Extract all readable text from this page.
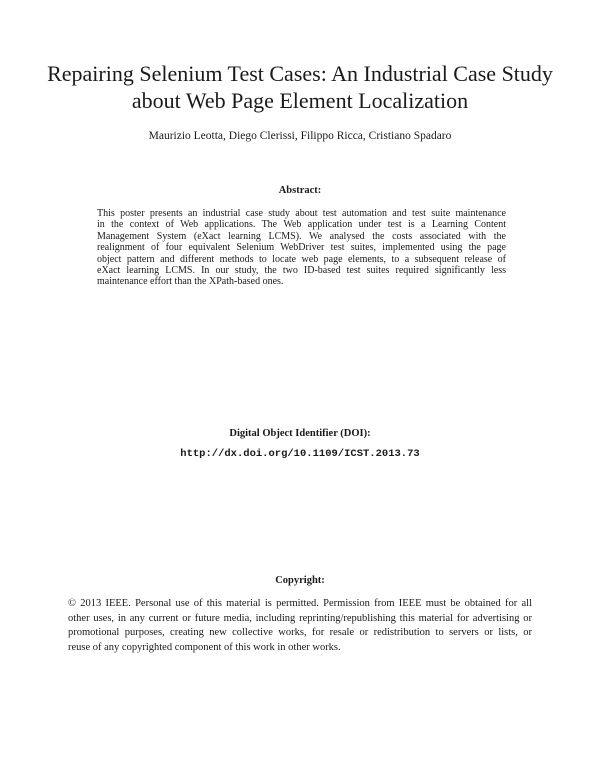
Repairing Selenium Test Cases: An Industrial Case Study
about Web Page Element Localization
Maurizio Leotta, Diego Clerissi, Filippo Ricca, Cristiano Spadaro
Abstract:
This poster presents an industrial case study about test automation and test suite maintenance
in the context of Web applications. The Web application under test is a Learning Content
Management System (eXact learning LCMS). We analysed the costs associated with the
realignment of four equivalent Selenium WebDriver test suites, implemented using the page
object pattern and different methods to locate web page elements, to a subsequent release of
eXact learning LCMS. In our study, the two ID-based test suites required significantly less
maintenance effort than the XPath-based ones.
Digital Object Identifier (DOI):
http://dx.doi.org/10.1109/ICST.2013.73
Copyright:
© 2013 IEEE. Personal use of this material is permitted. Permission from IEEE must be obtained for all
other uses, in any current or future media, including reprinting/republishing this material for advertising or
promotional purposes, creating new collective works, for resale or redistribution to servers or lists, or
reuse of any copyrighted component of this work in other works.
